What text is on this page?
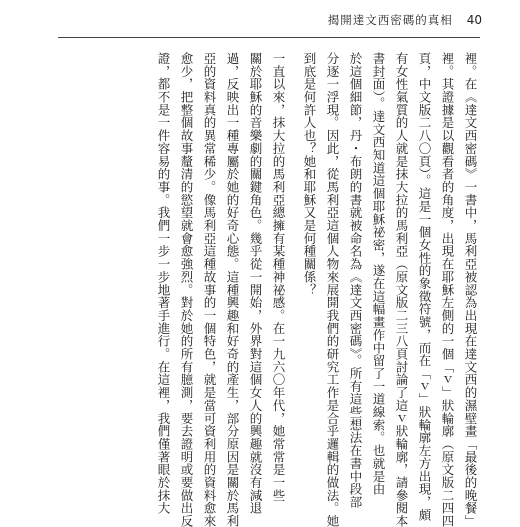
揭開達文西密碼的真相 40
裡。在《達文西密碼》一書中，馬利亞被認為出現在達文西的濕壁畫「最後的晚餐」
裡。其證據是以觀看者的角度，出現在耶穌左側的一個「ｖ」狀輪廓（原文版二四四
頁，中文版二八〇頁）。這是一個女性的象徵符號，而在「ｖ」狀輪廓左方出現，頗
有女性氣質的人就是抹大拉的馬利亞（原文版二三八頁討論了這ｖ狀輪廓，請參閱本
書封面）。達文西知道這個耶穌祕密，遂在這幅畫作中留了一道線索。也就是由
於這個細節，丹・布朗的書就被命名為《達文西密碼》。所有這些想法在書中段部
分逐一浮現。因此，從馬利亞這個人物來展開我們的研究工作是合乎邏輯的做法。她
到底是何許人也？她和耶穌又是何種關係？
一直以來，抹大拉的馬利亞總擁有某種神祕感。在一九六〇年代，她常常是一些
關於耶穌的音樂劇的關鍵角色。幾乎從一開始，外界對這個女人的興趣就沒有減退
過，反映出一種專屬於她的好奇心態。這種興趣和好奇的產生，部分原因是關於馬利
亞的資料真的異常稀少。像馬利亞這種故事的一個特色，就是當可資利用的資料愈來
愈少，把整個故事釐清的慾望就會愈強烈。對於她的所有臆測，要去證明或要做出反
證，都不是一件容易的事。我們一步一步地著手進行。在這裡，我們僅著眼於抹大
